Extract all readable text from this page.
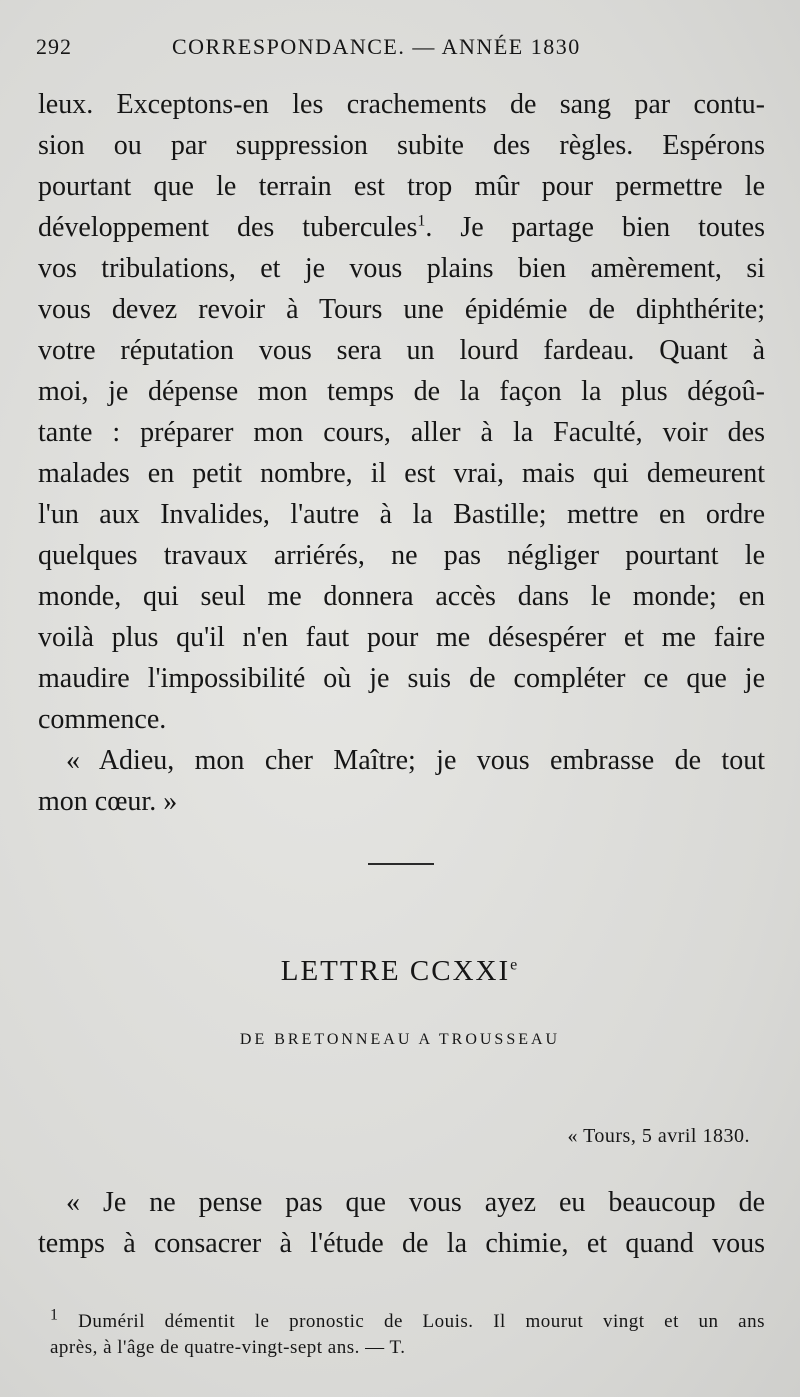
292	CORRESPONDANCE. — ANNÉE 1830
leux. Exceptons-en les crachements de sang par contu-
sion ou par suppression subite des règles. Espérons
pourtant que le terrain est trop mûr pour permettre le
développement des tubercules$^1$. Je partage bien toutes
vos tribulations, et je vous plains bien amèrement, si
vous devez revoir à Tours une épidémie de diphthérite;
votre réputation vous sera un lourd fardeau. Quant à
moi, je dépense mon temps de la façon la plus dégoû-
tante : préparer mon cours, aller à la Faculté, voir des
malades en petit nombre, il est vrai, mais qui demeurent
l'un aux Invalides, l'autre à la Bastille; mettre en ordre
quelques travaux arriérés, ne pas négliger pourtant le
monde, qui seul me donnera accès dans le monde; en
voilà plus qu'il n'en faut pour me désespérer et me faire
maudire l'impossibilité où je suis de compléter ce que je
commence.
« Adieu, mon cher Maître; je vous embrasse de tout
mon cœur. »
LETTRE CCXXIe
DE BRETONNEAU A TROUSSEAU
« Tours, 5 avril 1830.
« Je ne pense pas que vous ayez eu beaucoup de
temps à consacrer à l'étude de la chimie, et quand vous
$^1$ Duméril démentit le pronostic de Louis. Il mourut vingt et un ans
après, à l'âge de quatre-vingt-sept ans. — T.
